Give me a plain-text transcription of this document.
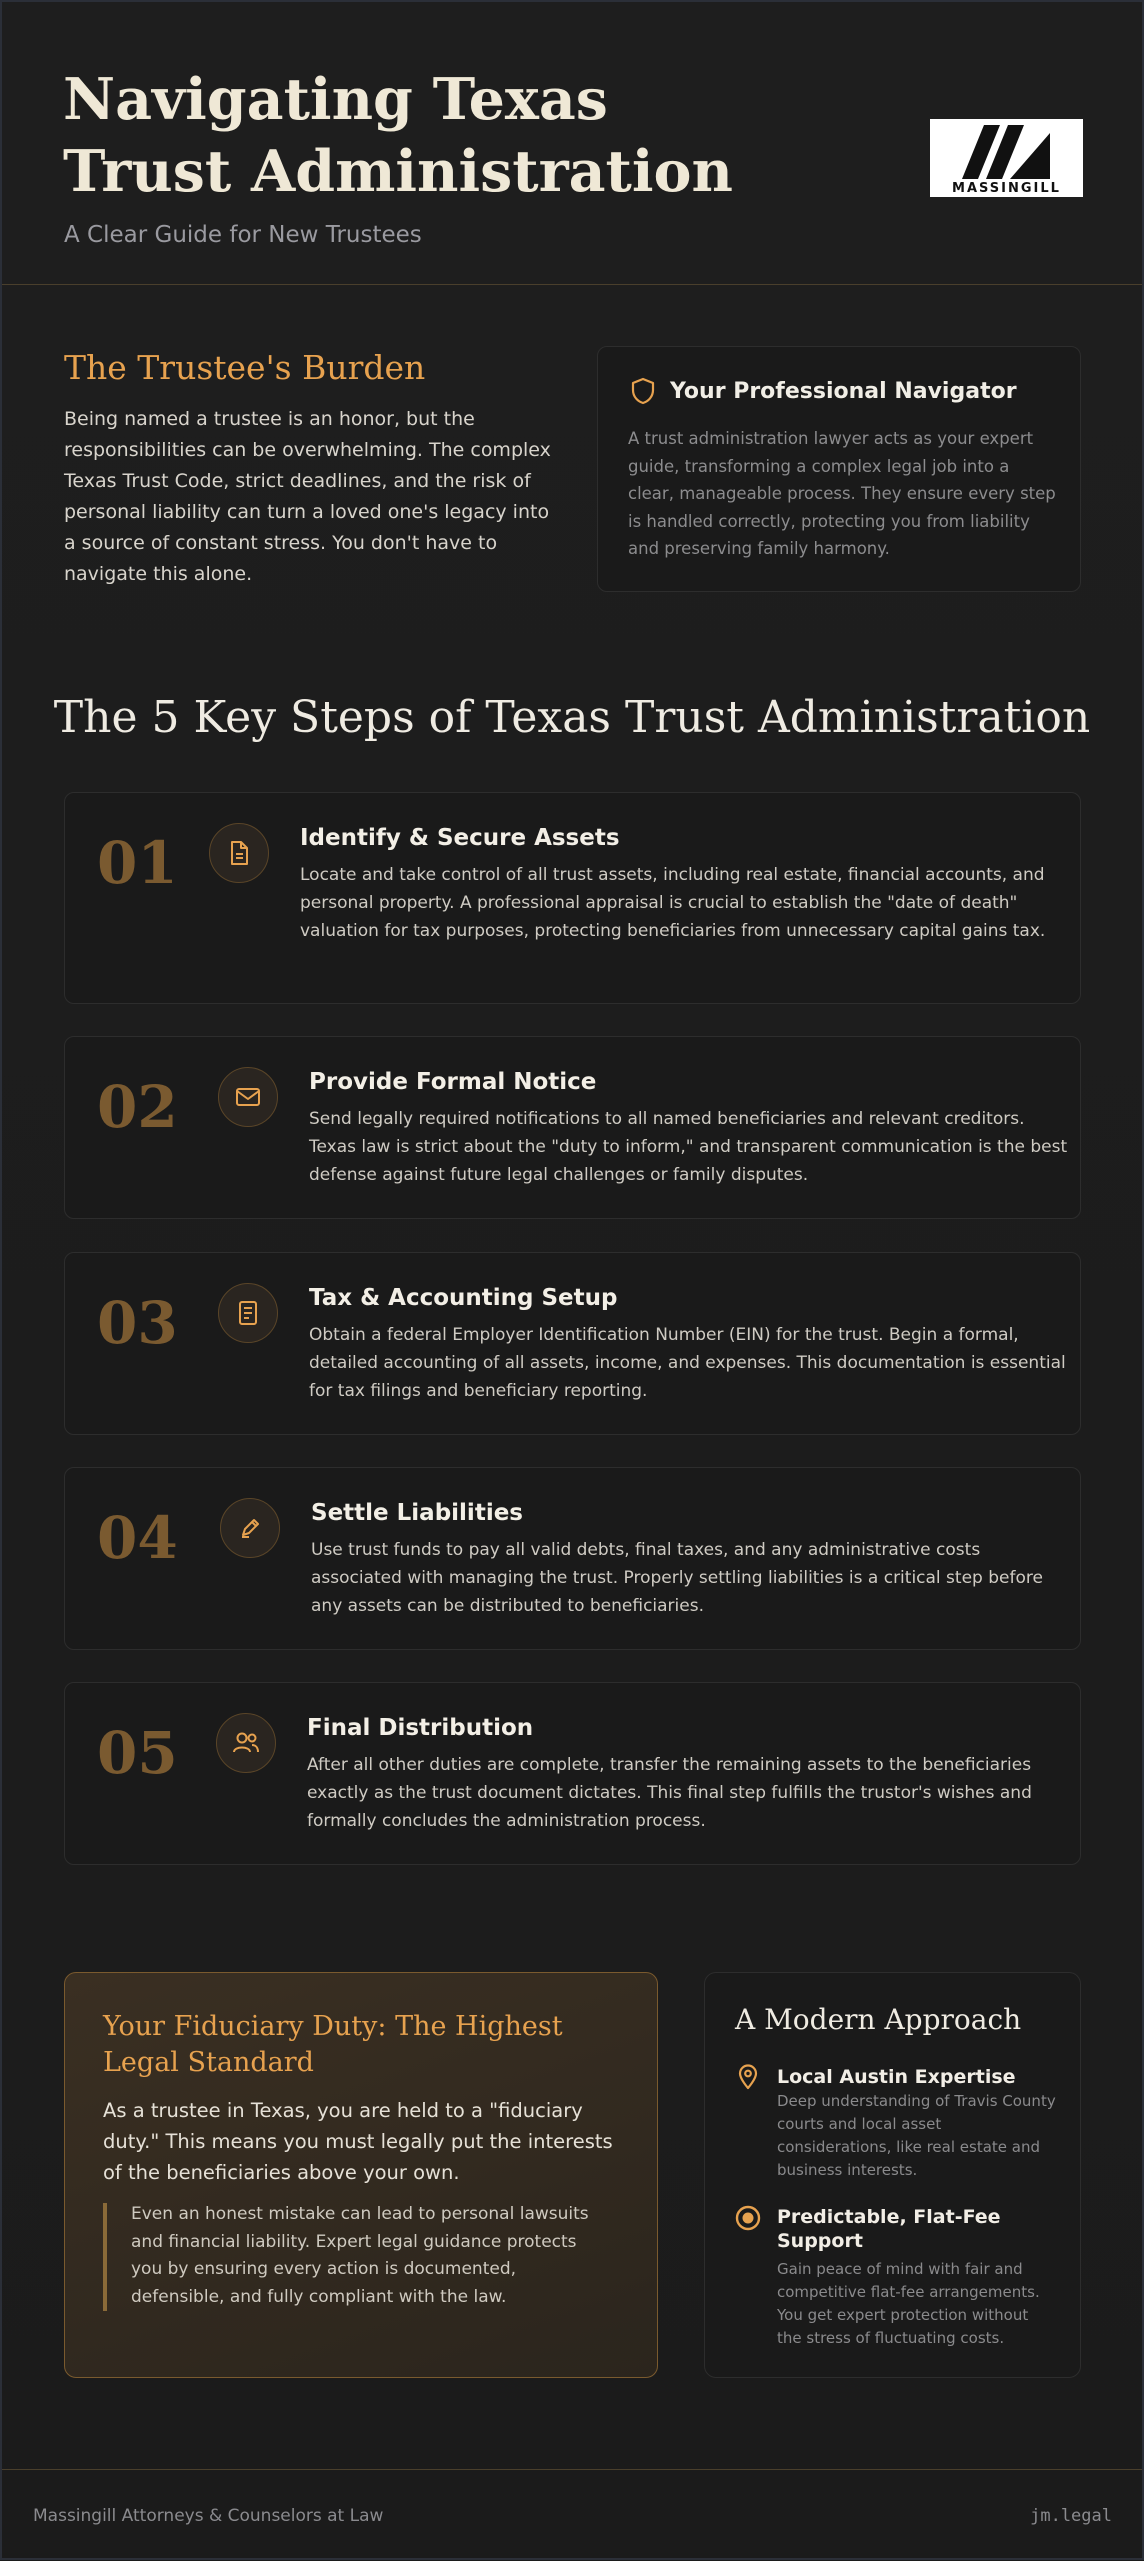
Navigating Texas Trust Administration
A Clear Guide for New Trustees
MASSINGILL
The Trustee's Burden

Being named a trustee is an honor, but the responsibilities can be overwhelming. The complex Texas Trust Code, strict deadlines, and the risk of personal liability can turn a loved one's legacy into a source of constant stress. You don't have to navigate this alone.

Your Professional Navigator

A trust administration lawyer acts as your expert guide, transforming a complex legal job into a clear, manageable process. They ensure every step is handled correctly, protecting you from liability and preserving family harmony.

The 5 Key Steps of Texas Trust Administration
01	Identify & Secure Assets

Locate and take control of all trust assets, including real estate, financial accounts, and personal property. A professional appraisal is crucial to establish the "date of death" valuation for tax purposes, protecting beneficiaries from unnecessary capital gains tax.

02	Provide Formal Notice

Send legally required notifications to all named beneficiaries and relevant creditors. Texas law is strict about the "duty to inform," and transparent communication is the best defense against future legal challenges or family disputes.

03	Tax & Accounting Setup

Obtain a federal Employer Identification Number (EIN) for the trust. Begin a formal, detailed accounting of all assets, income, and expenses. This documentation is essential for tax filings and beneficiary reporting.

04	Settle Liabilities

Use trust funds to pay all valid debts, final taxes, and any administrative costs associated with managing the trust. Properly settling liabilities is a critical step before any assets can be distributed to beneficiaries.

05	Final Distribution

After all other duties are complete, transfer the remaining assets to the beneficiaries exactly as the trust document dictates. This final step fulfills the trustor's wishes and formally concludes the administration process.

Your Fiduciary Duty: The Highest Legal Standard

As a trustee in Texas, you are held to a "fiduciary duty." This means you must legally put the interests of the beneficiaries above your own.

Even an honest mistake can lead to personal lawsuits and financial liability. Expert legal guidance protects you by ensuring every action is documented, defensible, and fully compliant with the law.

A Modern Approach
Local Austin Expertise

Deep understanding of Travis County courts and local asset considerations, like real estate and business interests.

Predictable, Flat-Fee Support

Gain peace of mind with fair and competitive flat-fee arrangements. You get expert protection without the stress of fluctuating costs.

Massingill Attorneys & Counselors at Law	jm.legal
